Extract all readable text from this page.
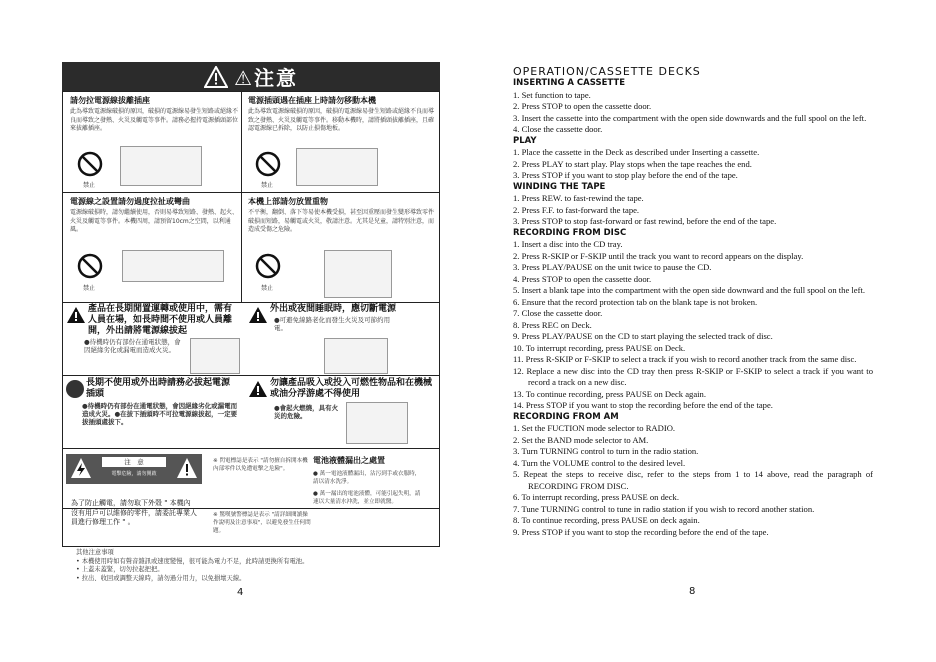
⚠注意
請勿拉電源線拔離插座
此為導致電源線破損的原因，破損的電源線易發生短路或絕緣不良而導致之發熱、火災及觸電等事件。請務必握持電源插頭部位來拔離插座。
禁止
電源插頭遇在插座上時請勿移動本機
此為導致電源線破損的原因，破損的電源線易發生短路或絕緣不良而導致之發熱、火災及觸電等事件。移動本機時，請將插頭拔離插座，且確認電源線已拆除，以防止損傷地板。
禁止
電源線之設置請勿過度拉扯或彎曲
電源線破損時，請勿繼續使用，否則易導致短路、發熱、起火、火災及觸電等事件。本機四周，請預留10cm之空間，以利通風。
禁止
本機上部請勿放置重物
不平衡，翻倒、落下等易使本機受損，甚至因重壓而發生變形導致零件破損而短路，易觸電或火災，敬請注意。尤其是兒童，請特別注意，而造成受傷之危險。
禁止
產品在長期閒置運轉或使用中，需有人員在場，如長時間不使用或人員離開，外出請將電源線拔起
●待機時仍有部份在通電狀態，會因絕緣劣化或漏電而造成火災。
外出或夜間睡眠時，應切斷電源
●可避免線路老化而發生火災及可節約用電。
長期不使用或外出時請務必拔起電源插頭
●待機時仍有部份在通電狀態，會因絕緣劣化或漏電而造成火災。●在拔下插頭時不可拉電源線拔起，一定要拔插頭處拔下。
勿讓產品吸入或投入可燃性物品和在機械或油分浮游處不得使用
●會起火燃燒，具有火災的危險。
注　意
電擊危險，請勿開啟
為了防止觸電，請勿取下外殼 " 本機內沒有用戶可以維修的零件，請委託專業人員進行修理工作 " 。
※ 閃電標誌是表示 "請勿擅自拆開本機內部零件以免遭電擊之危險"。
※ 驚嘆號警標誌是表示 "請詳細閱讀操作說明及注意事項"，以避免發生任何問題。
電池液體漏出之處置
● 萬一電池液體漏出，沾污到手或衣服時，請以清水洗淨。
● 萬一漏出的電池液體，可能引起失明，請速以大量清水沖洗，並立即就醫。
其他注意事項
• 本機使用時如有聲音雜訊或速度變慢，很可能為電力不足，此時請更換所有電池。
• 上蓋未蓋緊，切勿拉起把把。
• 拉出、收回或調整天線時，請勿過分用力，以免損壞天線。
4
OPERATION/CASSETTE DECKS
INSERTING A CASSETTE
1. Set function to tape.
2. Press STOP to open the cassette door.
3. Insert the cassette into the compartment with the open side downwards and the full spool on the left.
4. Close the cassette door.
PLAY
1. Place the cassette in the Deck as described under Inserting a cassette.
2. Press PLAY to start play. Play stops when the tape reaches the end.
3. Press STOP if you want to stop play before the end of the tape.
WINDING THE TAPE
1. Press REW. to fast-rewind the tape.
2. Press F.F. to fast-forward the tape.
3. Press STOP to stop fast-forward or fast rewind, before the end of the tape.
RECORDING FROM DISC
1. Insert a disc into the CD tray.
2. Press R-SKIP or F-SKIP until the track you want to record appears on the display.
3. Press PLAY/PAUSE on the unit twice to pause the CD.
4. Press STOP to open the cassette door.
5. Insert a blank tape into the compartment with the open side downward and the full spool on the left.
6. Ensure that the record protection tab on the blank tape is not broken.
7. Close the cassette door.
8. Press REC on Deck.
9. Press PLAY/PAUSE on the CD to start playing the selected track of disc.
10. To interrupt recording, press PAUSE on Deck.
11. Press R-SKIP or F-SKIP to select a track if you wish to record another track from the same disc.
12. Replace a new disc into the CD tray then press R-SKIP or F-SKIP to select a track if you want to record a track on a new disc.
13. To continue recording, press PAUSE on Deck again.
14. Press STOP if you want to stop the recording before the end of the tape.
RECORDING FROM AM
1. Set the FUCTION mode selector to RADIO.
2. Set the BAND mode selector to AM.
3. Turn TURNING control to turn in the radio station.
4. Turn the VOLUME control to the desired level.
5. Repeat the steps to receive disc, refer to the steps from 1 to 14 above, read the paragraph of RECORDING FROM DISC.
6. To interrupt recording, press PAUSE on deck.
7. Tune TURNING control to tune in radio station if you wish to record another station.
8. To continue recording, press PAUSE on deck again.
9. Press STOP if you want to stop the recording before the end of the tape.
8
